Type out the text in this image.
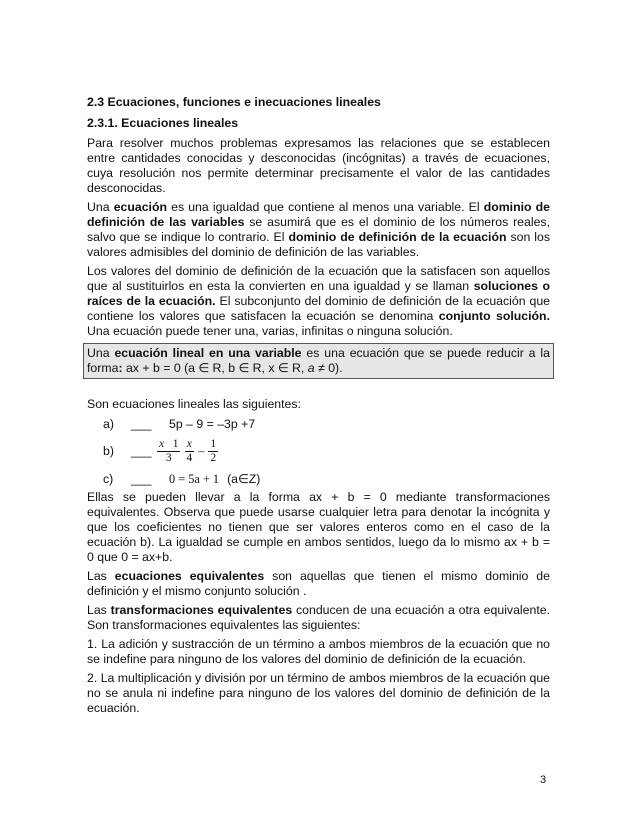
2.3 Ecuaciones, funciones e inecuaciones lineales
2.3.1. Ecuaciones lineales

Para resolver muchos problemas expresamos las relaciones que se establecen entre cantidades conocidas y desconocidas (incógnitas) a través de ecuaciones, cuya resolución nos permite determinar precisamente el valor de las cantidades desconocidas.

Una ecuación es una igualdad que contiene al menos una variable. El dominio de definición de las variables se asumirá que es el dominio de los números reales, salvo que se indique lo contrario. El dominio de definición de la ecuación son los valores admisibles del dominio de definición de las variables.

Los valores del dominio de definición de la ecuación que la satisfacen son aquellos que al sustituirlos en esta la convierten en una igualdad y se llaman soluciones o raíces de la ecuación. El subconjunto del dominio de definición de la ecuación que contiene los valores que satisfacen la ecuación se denomina conjunto solución. Una ecuación puede tener una, varias, infinitas o ninguna solución.

Una ecuación lineal en una variable es una ecuación que se puede reducir a la forma: ax + b = 0 (a ∈ R, b ∈ R, x ∈ R, a ≠ 0).

Son ecuaciones lineales las siguientes:

a)	___	5p – 9 = –3p +7
b)	___ $\frac{x 1}{3} \frac{x}{4} - \frac{1}{2}$
c)	___	0 = 5a + 1 (a∈Z)

Ellas se pueden llevar a la forma ax + b = 0 mediante transformaciones equivalentes. Observa que puede usarse cualquier letra para denotar la incógnita y que los coeficientes no tienen que ser valores enteros como en el caso de la ecuación b). La igualdad se cumple en ambos sentidos, luego da lo mismo ax + b = 0 que 0 = ax+b.

Las ecuaciones equivalentes son aquellas que tienen el mismo dominio de definición y el mismo conjunto solución .

Las transformaciones equivalentes conducen de una ecuación a otra equivalente. Son transformaciones equivalentes las siguientes:

1. La adición y sustracción de un término a ambos miembros de la ecuación que no se indefine para ninguno de los valores del dominio de definición de la ecuación.

2. La multiplicación y división por un término de ambos miembros de la ecuación que no se anula ni indefine para ninguno de los valores del dominio de definición de la ecuación.

3
